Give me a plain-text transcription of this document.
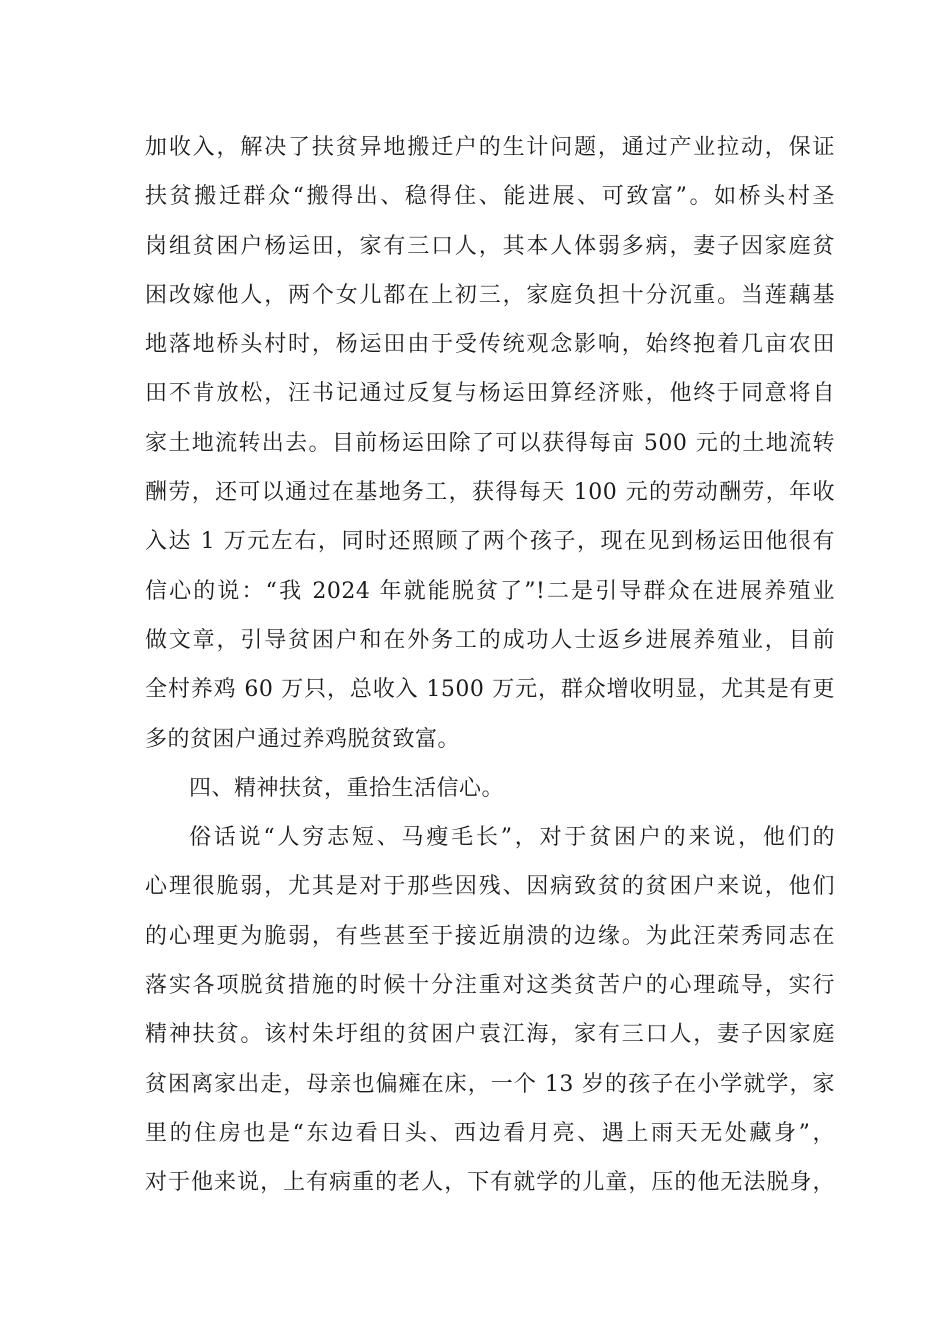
加收入，解决了扶贫异地搬迁户的生计问题，通过产业拉动，保证
扶贫搬迁群众“搬得出、稳得住、能进展、可致富”。如桥头村圣
岗组贫困户杨运田，家有三口人，其本人体弱多病，妻子因家庭贫
困改嫁他人，两个女儿都在上初三，家庭负担十分沉重。当莲藕基
地落地桥头村时，杨运田由于受传统观念影响，始终抱着几亩农田
田不肯放松，汪书记通过反复与杨运田算经济账，他终于同意将自
家土地流转出去。目前杨运田除了可以获得每亩 500 元的土地流转
酬劳，还可以通过在基地务工，获得每天 100 元的劳动酬劳，年收
入达 1 万元左右，同时还照顾了两个孩子，现在见到杨运田他很有
信心的说：“我 2024 年就能脱贫了”!二是引导群众在进展养殖业
做文章，引导贫困户和在外务工的成功人士返乡进展养殖业，目前
全村养鸡 60 万只，总收入 1500 万元，群众增收明显，尤其是有更
多的贫困户通过养鸡脱贫致富。
四、精神扶贫，重拾生活信心。
俗话说“人穷志短、马瘦毛长”，对于贫困户的来说，他们的
心理很脆弱，尤其是对于那些因残、因病致贫的贫困户来说，他们
的心理更为脆弱，有些甚至于接近崩溃的边缘。为此汪荣秀同志在
落实各项脱贫措施的时候十分注重对这类贫苦户的心理疏导，实行
精神扶贫。该村朱圩组的贫困户袁江海，家有三口人，妻子因家庭
贫困离家出走，母亲也偏瘫在床，一个 13 岁的孩子在小学就学，家
里的住房也是“东边看日头、西边看月亮、遇上雨天无处藏身”，
对于他来说，上有病重的老人，下有就学的儿童，压的他无法脱身，
